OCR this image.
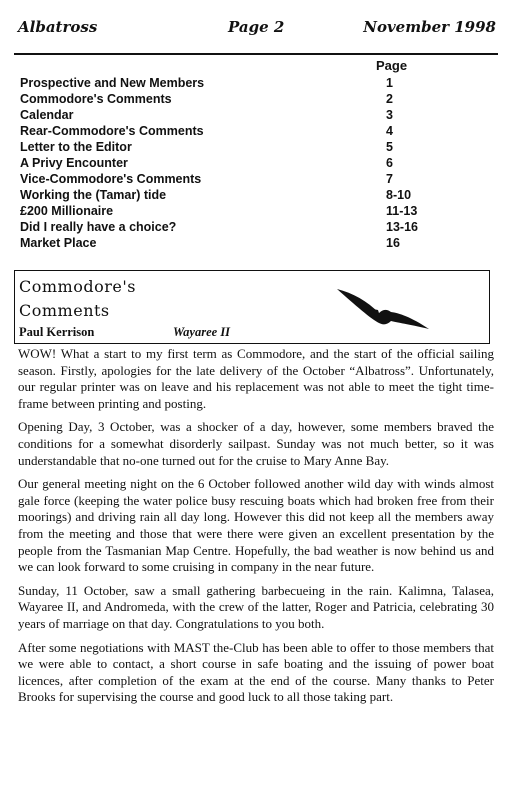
Albatross	Page 2	November 1998
Page
Prospective and New Members	1
Commodore's Comments	2
Calendar	3
Rear-Commodore's Comments	4
Letter to the Editor	5
A Privy Encounter	6
Vice-Commodore's Comments	7
Working the (Tamar) tide	8-10
£200 Millionaire	11-13
Did I really have a choice?	13-16
Market Place	16
Commodore's
Comments
Paul Kerrison	Wayaree II

WOW! What a start to my first term as Commodore, and the start of the official sailing season. Firstly, apologies for the late delivery of the October “Albatross”. Unfortunately, our regular printer was on leave and his replacement was not able to meet the tight time-frame between printing and posting.

Opening Day, 3 October, was a shocker of a day, however, some members braved the conditions for a somewhat disorderly sailpast. Sunday was not much better, so it was understandable that no-one turned out for the cruise to Mary Anne Bay.

Our general meeting night on the 6 October followed another wild day with winds almost gale force (keeping the water police busy rescuing boats which had broken free from their moorings) and driving rain all day long. However this did not keep all the members away from the meeting and those that were there were given an excellent presentation by the people from the Tasmanian Map Centre. Hopefully, the bad weather is now behind us and we can look forward to some cruising in company in the near future.

Sunday, 11 October, saw a small gathering barbecueing in the rain. Kalimna, Talasea, Wayaree II, and Andromeda, with the crew of the latter, Roger and Patricia, celebrating 30 years of marriage on that day. Congratulations to you both.

After some negotiations with MAST the-Club has been able to offer to those members that we were able to contact, a short course in safe boating and the issuing of power boat licences, after completion of the exam at the end of the course. Many thanks to Peter Brooks for supervising the course and good luck to all those taking part.
